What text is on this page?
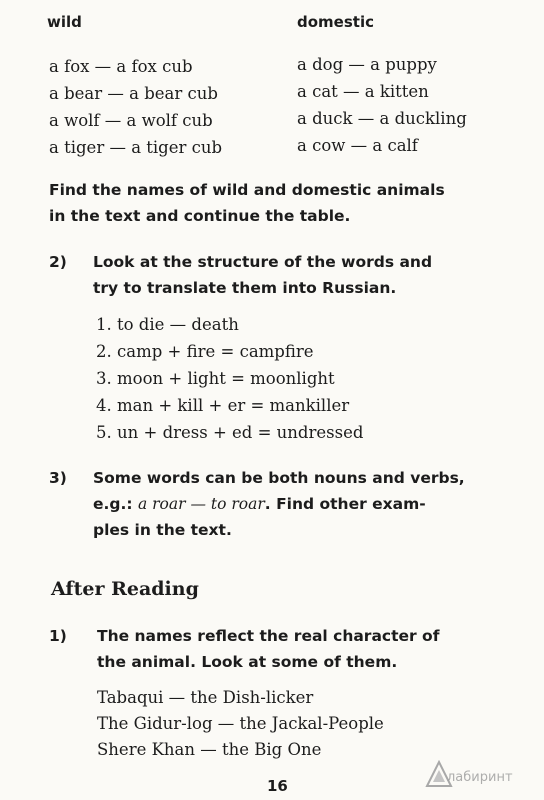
wild	domestic
a fox — a fox cub	a dog — a puppy
a bear — a bear cub	a cat — a kitten
a wolf — a wolf cub	a duck — a duckling
a tiger — a tiger cub	a cow — a calf
Find the names of wild and domestic animals
in the text and continue the table.
2) Look at the structure of the words and
try to translate them into Russian.
1. to die — death
2. camp + fire = campfire
3. moon + light = moonlight
4. man + kill + er = mankiller
5. un + dress + ed = undressed
3) Some words can be both nouns and verbs,
e.g.: a roar — to roar. Find other exam-
ples in the text.
After Reading
1) The names reflect the real character of
the animal. Look at some of them.
Tabaqui — the Dish-licker
The Gidur-log — the Jackal-People
Shere Khan — the Big One
16	лабиринт
